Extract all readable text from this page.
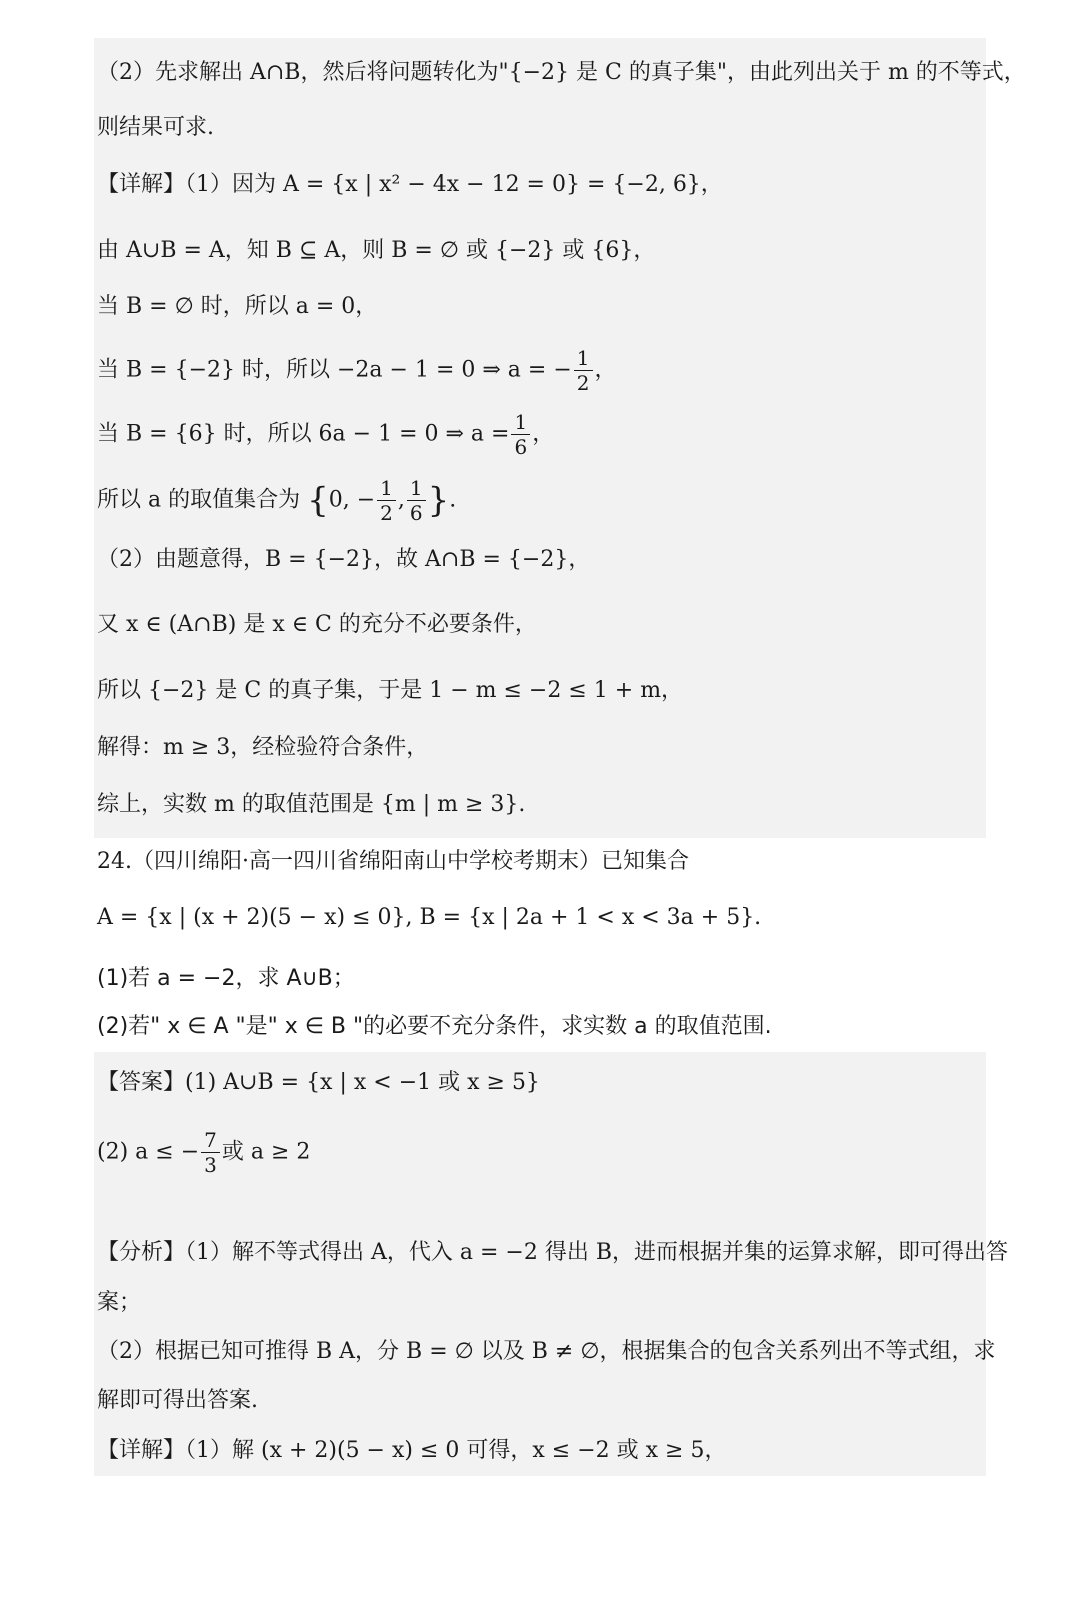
（2）先求解出 A∩B，然后将问题转化为"{−2} 是 C 的真子集"，由此列出关于 m 的不等式，
则结果可求.
【详解】（1）因为 A = {x | x² − 4x − 12 = 0} = {−2, 6}，
由 A∪B = A，知 B ⊆ A，则 B = ∅ 或 {−2} 或 {6}，
当 B = ∅ 时，所以 a = 0，
当 B = {−2} 时，所以 −2a − 1 = 0 ⇒ a = − $\frac{1}{2}$ ，
当 B = {6} 时，所以 6a − 1 = 0 ⇒ $a = \frac{1}{6}$ ，
所以 a 的取值集合为 {0, − $\frac{1}{2}$ , $\frac{1}{6}$ }.
（2）由题意得，B = {−2}，故 A∩B = {−2}，
又 x ∈ (A∩B) 是 x ∈ C 的充分不必要条件，
所以 {−2} 是 C 的真子集，于是 1 − m ≤ −2 ≤ 1 + m，
解得：m ≥ 3，经检验符合条件，
综上，实数 m 的取值范围是 {m | m ≥ 3}.
24.（四川绵阳·高一四川省绵阳南山中学校考期末）已知集合
A = {x | (x + 2)(5 − x) ≤ 0}, B = {x | 2a + 1 < x < 3a + 5}.
(1)若 a = −2，求 A∪B；
(2)若" x ∈ A "是" x ∈ B "的必要不充分条件，求实数 a 的取值范围.
【答案】(1) A∪B = {x | x < −1 或 x ≥ 5}
(2) a ≤ − $\frac{7}{3}$ 或 a ≥ 2
【分析】（1）解不等式得出 A，代入 a = −2 得出 B，进而根据并集的运算求解，即可得出答
案；
（2）根据已知可推得 B A，分 B = ∅ 以及 B ≠ ∅，根据集合的包含关系列出不等式组，求
解即可得出答案.
【详解】（1）解 (x + 2)(5 − x) ≤ 0 可得，x ≤ −2 或 x ≥ 5，
